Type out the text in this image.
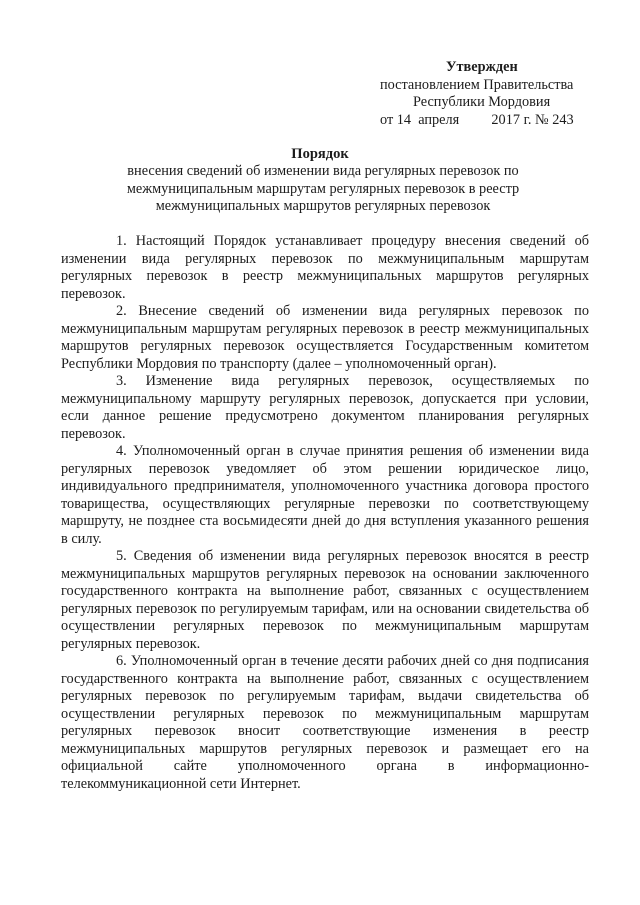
Утвержден
постановлением Правительства
Республики Мордовия
от 14  апреля         2017 г. № 243
Порядок
внесения сведений об изменении вида регулярных перевозок по межмуниципальным маршрутам регулярных перевозок в реестр межмуниципальных маршрутов регулярных перевозок

1. Настоящий Порядок устанавливает процедуру внесения сведений об изменении вида регулярных перевозок по межмуниципальным маршрутам регулярных перевозок в реестр межмуниципальных маршрутов регулярных перевозок.

2. Внесение сведений об изменении вида регулярных перевозок по межмуниципальным маршрутам регулярных перевозок в реестр межмуниципальных маршрутов регулярных перевозок осуществляется Государственным комитетом Республики Мордовия по транспорту (далее – уполномоченный орган).

3. Изменение вида регулярных перевозок, осуществляемых по межмуниципальному маршруту регулярных перевозок, допускается при условии, если данное решение предусмотрено документом планирования регулярных перевозок.

4. Уполномоченный орган в случае принятия решения об изменении вида регулярных перевозок уведомляет об этом решении юридическое лицо, индивидуального предпринимателя, уполномоченного участника договора простого товарищества, осуществляющих регулярные перевозки по соответствующему маршруту, не позднее ста восьмидесяти дней до дня вступления указанного решения в силу.

5. Сведения об изменении вида регулярных перевозок вносятся в реестр межмуниципальных маршрутов регулярных перевозок на основании заключенного государственного контракта на выполнение работ, связанных с осуществлением регулярных перевозок по регулируемым тарифам, или на основании свидетельства об осуществлении регулярных перевозок по межмуниципальным маршрутам регулярных перевозок.

6. Уполномоченный орган в течение десяти рабочих дней со дня подписания государственного контракта на выполнение работ, связанных с осуществлением регулярных перевозок по регулируемым тарифам, выдачи свидетельства об осуществлении регулярных перевозок по межмуниципальным маршрутам регулярных перевозок вносит соответствующие изменения в реестр межмуниципальных маршрутов регулярных перевозок и размещает его на официальной сайте уполномоченного органа в информационно-телекоммуникационной сети Интернет.
